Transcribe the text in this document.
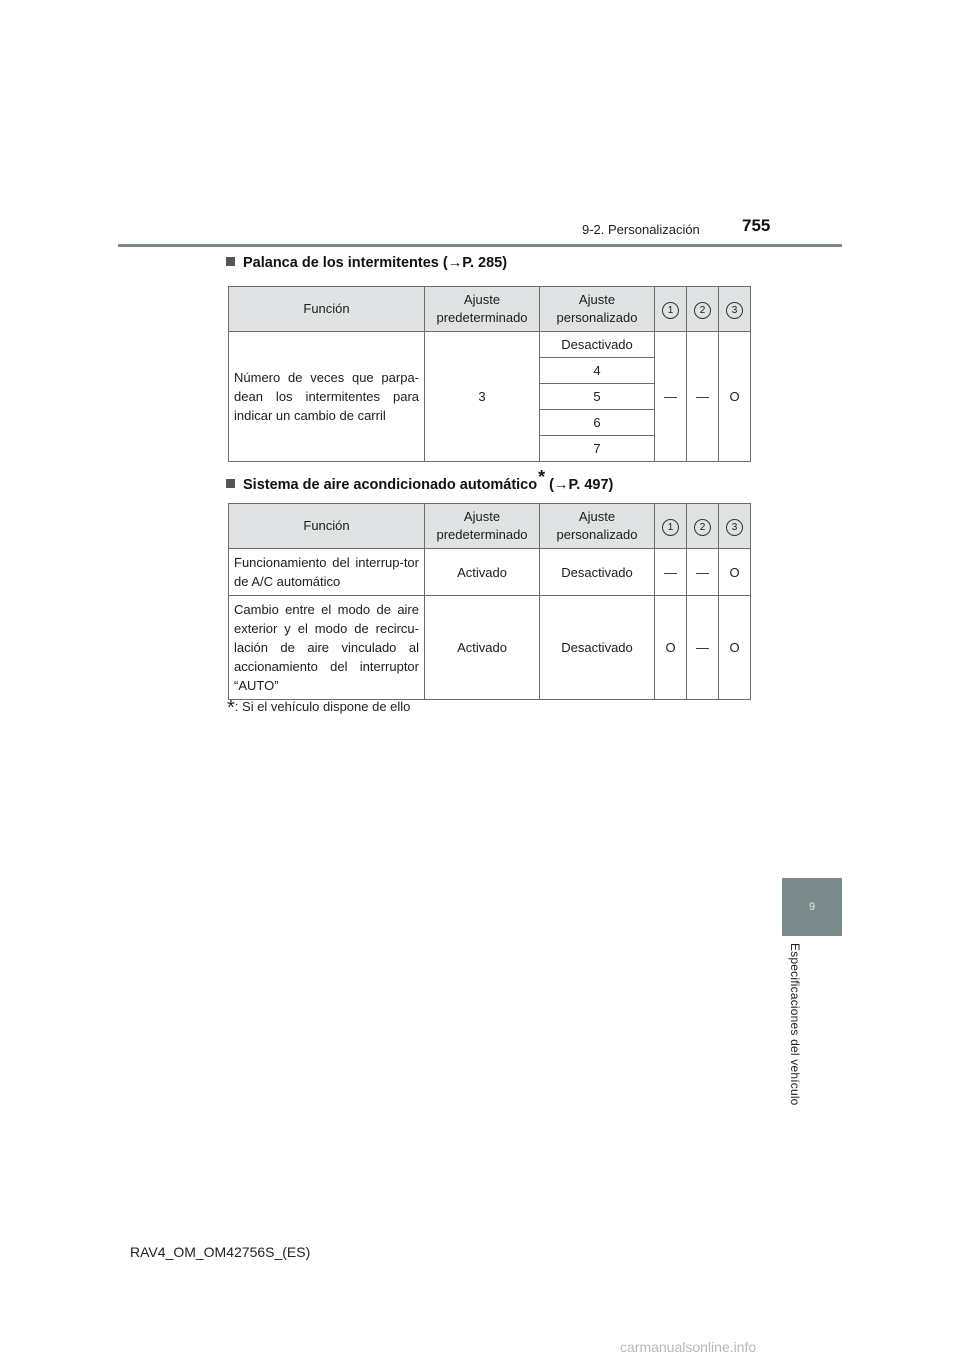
9-2. Personalización 755
Palanca de los intermitentes (→P. 285)
Función	Ajuste predeterminado	Ajuste personalizado	1	2	3
Número de veces que parpa-dean los intermitentes para indicar un cambio de carril	3	Desactivado	—	—	O
		4			
		5			
		6			
		7			
Sistema de aire acondicionado automático* (→P. 497)
Función	Ajuste predeterminado	Ajuste personalizado	1	2	3
Funcionamiento del interrup-tor de A/C automático	Activado	Desactivado	—	—	O
Cambio entre el modo de aire exterior y el modo de recircu-lación de aire vinculado al accionamiento del interruptor “AUTO”	Activado	Desactivado	O	—	O
*: Si el vehículo dispone de ello
9
Especificaciones del vehículo
RAV4_OM_OM42756S_(ES)
carmanualsonline.info
